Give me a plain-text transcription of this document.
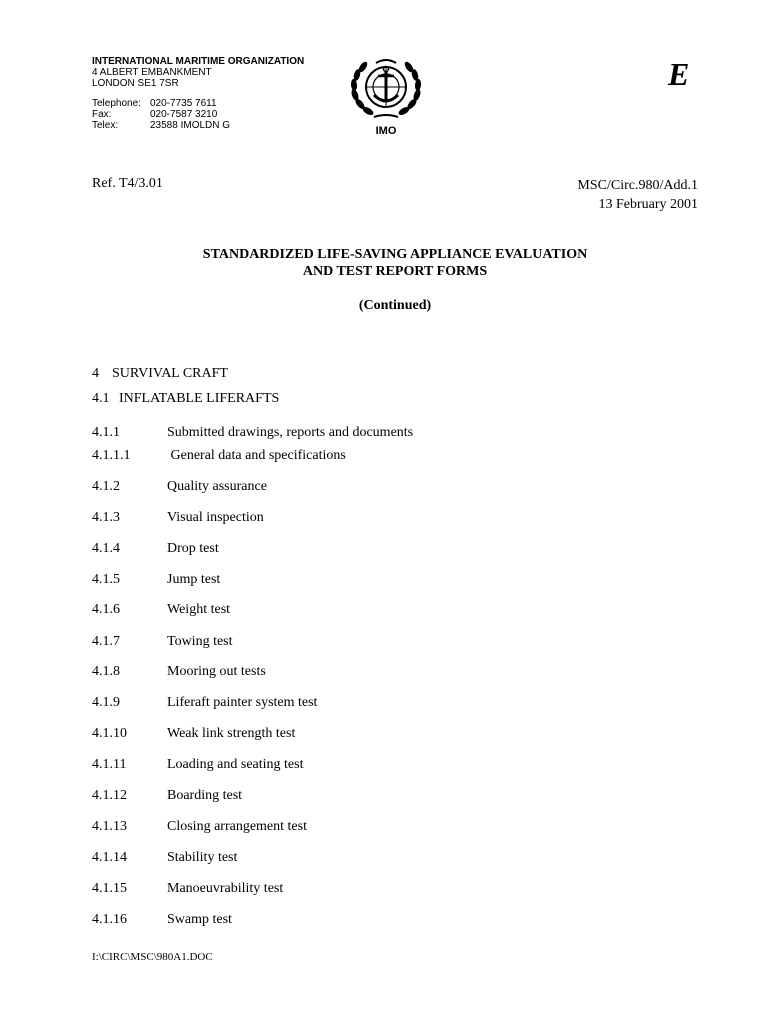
INTERNATIONAL MARITIME ORGANIZATION
4 ALBERT EMBANKMENT
LONDON SE1 7SR
Telephone: 020-7735 7611
Fax:	020-7587 3210
Telex:	23588 IMOLDN G	IMO
E
Ref. T4/3.01	MSC/Circ.980/Add.1
13 February 2001
STANDARDIZED LIFE-SAVING APPLIANCE EVALUATION
AND TEST REPORT FORMS
(Continued)
4 SURVIVAL CRAFT
4.1 INFLATABLE LIFERAFTS
4.1.1	Submitted drawings, reports and documents
4.1.1.1	General data and specifications
4.1.2	Quality assurance
4.1.3	Visual inspection
4.1.4	Drop test
4.1.5	Jump test
4.1.6	Weight test
4.1.7	Towing test
4.1.8	Mooring out tests
4.1.9	Liferaft painter system test
4.1.10	Weak link strength test
4.1.11	Loading and seating test
4.1.12	Boarding test
4.1.13	Closing arrangement test
4.1.14	Stability test
4.1.15	Manoeuvrability test
4.1.16	Swamp test
I:\CIRC\MSC\980A1.DOC
